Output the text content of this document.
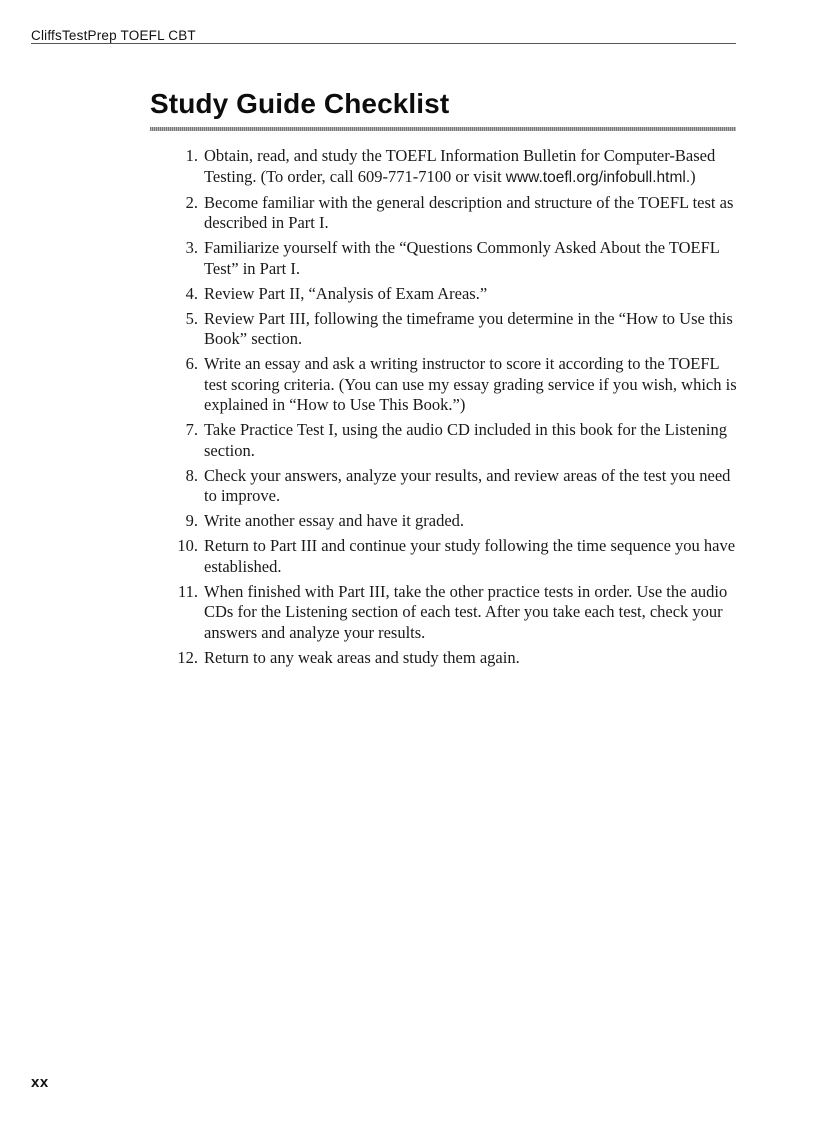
CliffsTestPrep TOEFL CBT
Study Guide Checklist
1. Obtain, read, and study the TOEFL Information Bulletin for Computer-Based Testing. (To order, call 609-771-7100 or visit www.toefl.org/infobull.html.)
2. Become familiar with the general description and structure of the TOEFL test as described in Part I.
3. Familiarize yourself with the “Questions Commonly Asked About the TOEFL Test” in Part I.
4. Review Part II, “Analysis of Exam Areas.”
5. Review Part III, following the timeframe you determine in the “How to Use this Book” section.
6. Write an essay and ask a writing instructor to score it according to the TOEFL test scoring criteria. (You can use my essay grading service if you wish, which is explained in “How to Use This Book.”)
7. Take Practice Test I, using the audio CD included in this book for the Listening section.
8. Check your answers, analyze your results, and review areas of the test you need to improve.
9. Write another essay and have it graded.
10. Return to Part III and continue your study following the time sequence you have established.
11. When finished with Part III, take the other practice tests in order. Use the audio CDs for the Listening section of each test. After you take each test, check your answers and analyze your results.
12. Return to any weak areas and study them again.
xx
